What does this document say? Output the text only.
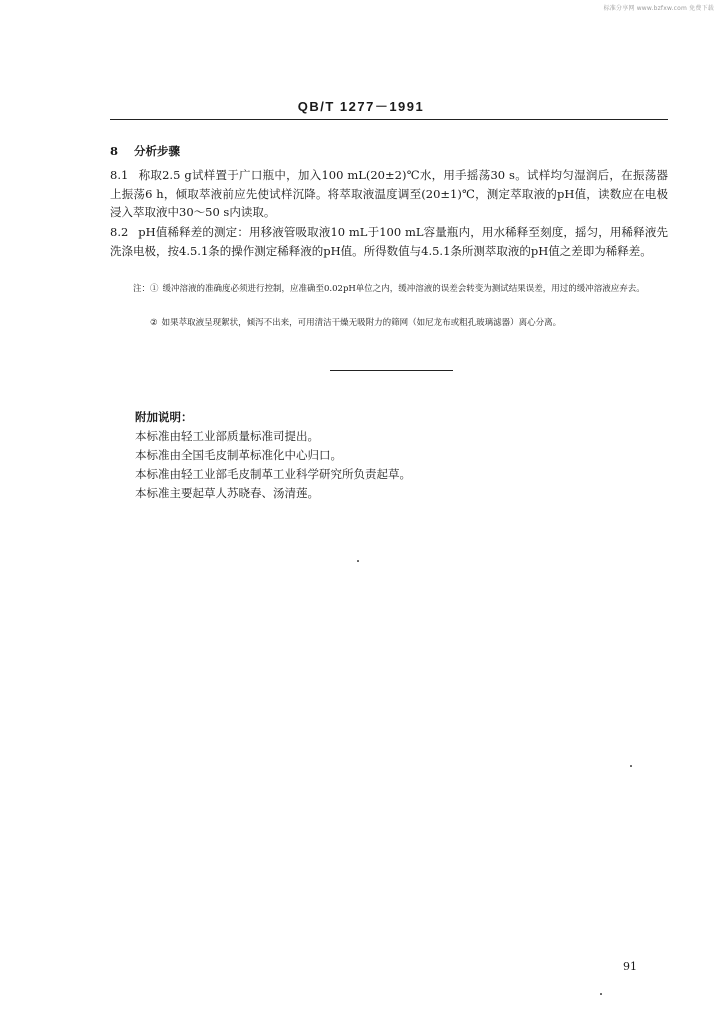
标准分享网 www.bzfxw.com 免费下载
QB/T 1277－1991
8 分析步骤
8.1 称取2.5 g试样置于广口瓶中，加入100 mL(20±2)℃水，用手摇荡30 s。试样均匀湿润后，在振荡器上振荡6 h，倾取萃液前应先使试样沉降。将萃取液温度调至(20±1)℃，测定萃取液的pH值，读数应在电极浸入萃取液中30～50 s内读取。
8.2 pH值稀释差的测定：用移液管吸取液10 mL于100 mL容量瓶内，用水稀释至刻度，摇匀，用稀释液先洗涤电极，按4.5.1条的操作测定稀释液的pH值。所得数值与4.5.1条所测萃取液的pH值之差即为稀释差。
注：① 缓冲溶液的准确度必须进行控制，应准确至0.02pH单位之内，缓冲溶液的误差会转变为测试结果误差，用过的缓冲溶液应弃去。
② 如果萃取液呈现絮状，倾泻不出来，可用清洁干燥无吸附力的筛网（如尼龙布或粗孔玻璃滤器）离心分离。
附加说明：
本标准由轻工业部质量标准司提出。
本标准由全国毛皮制革标准化中心归口。
本标准由轻工业部毛皮制革工业科学研究所负责起草。
本标准主要起草人苏晓春、汤清莲。
91
